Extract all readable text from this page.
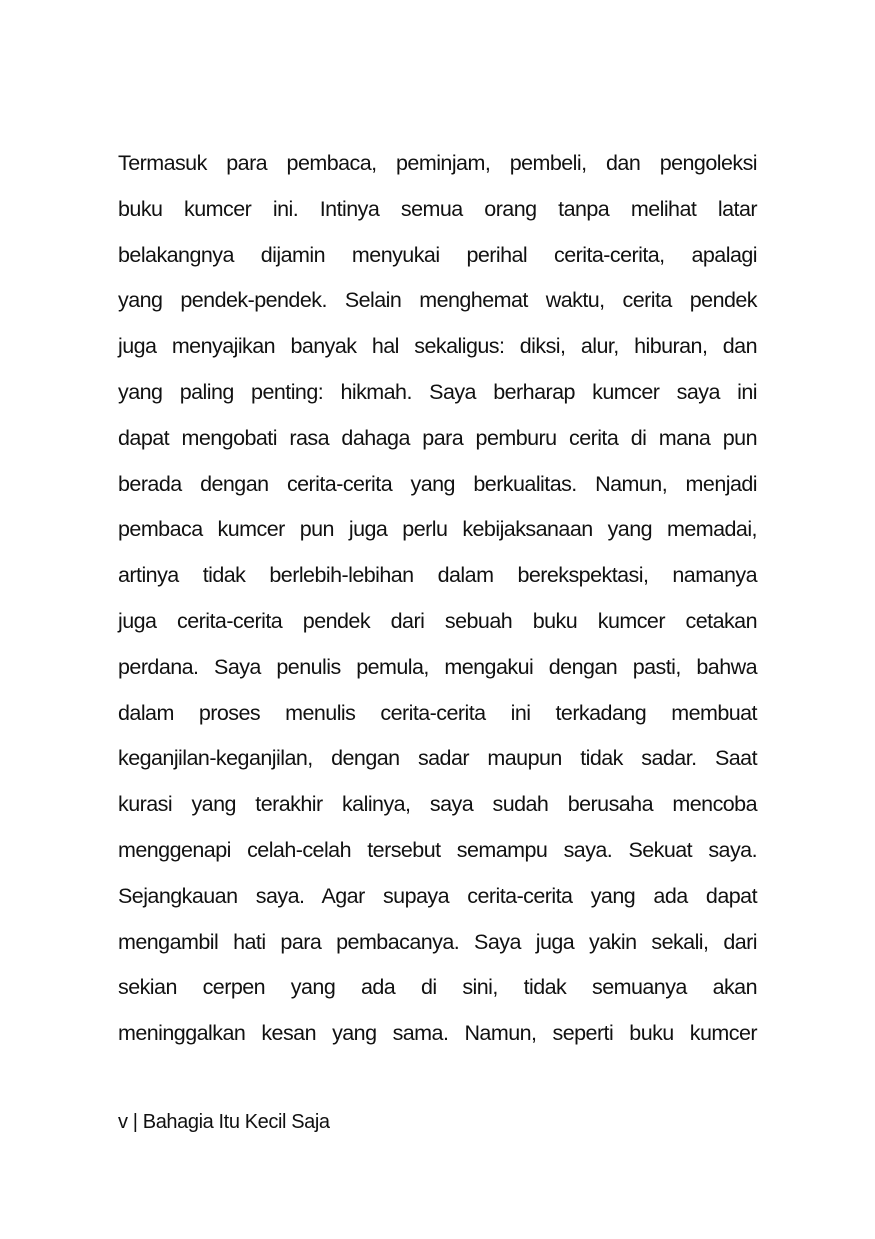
Termasuk para pembaca, peminjam, pembeli, dan pengoleksi
buku kumcer ini. Intinya semua orang tanpa melihat latar
belakangnya dijamin menyukai perihal cerita-cerita, apalagi
yang pendek-pendek. Selain menghemat waktu, cerita pendek
juga menyajikan banyak hal sekaligus: diksi, alur, hiburan, dan
yang paling penting: hikmah. Saya berharap kumcer saya ini
dapat mengobati rasa dahaga para pemburu cerita di mana pun
berada dengan cerita-cerita yang berkualitas. Namun, menjadi
pembaca kumcer pun juga perlu kebijaksanaan yang memadai,
artinya tidak berlebih-lebihan dalam berekspektasi, namanya
juga cerita-cerita pendek dari sebuah buku kumcer cetakan
perdana. Saya penulis pemula, mengakui dengan pasti, bahwa
dalam proses menulis cerita-cerita ini terkadang membuat
keganjilan-keganjilan, dengan sadar maupun tidak sadar. Saat
kurasi yang terakhir kalinya, saya sudah berusaha mencoba
menggenapi celah-celah tersebut semampu saya. Sekuat saya.
Sejangkauan saya. Agar supaya cerita-cerita yang ada dapat
mengambil hati para pembacanya. Saya juga yakin sekali, dari
sekian cerpen yang ada di sini, tidak semuanya akan
meninggalkan kesan yang sama. Namun, seperti buku kumcer
v | Bahagia Itu Kecil Saja
